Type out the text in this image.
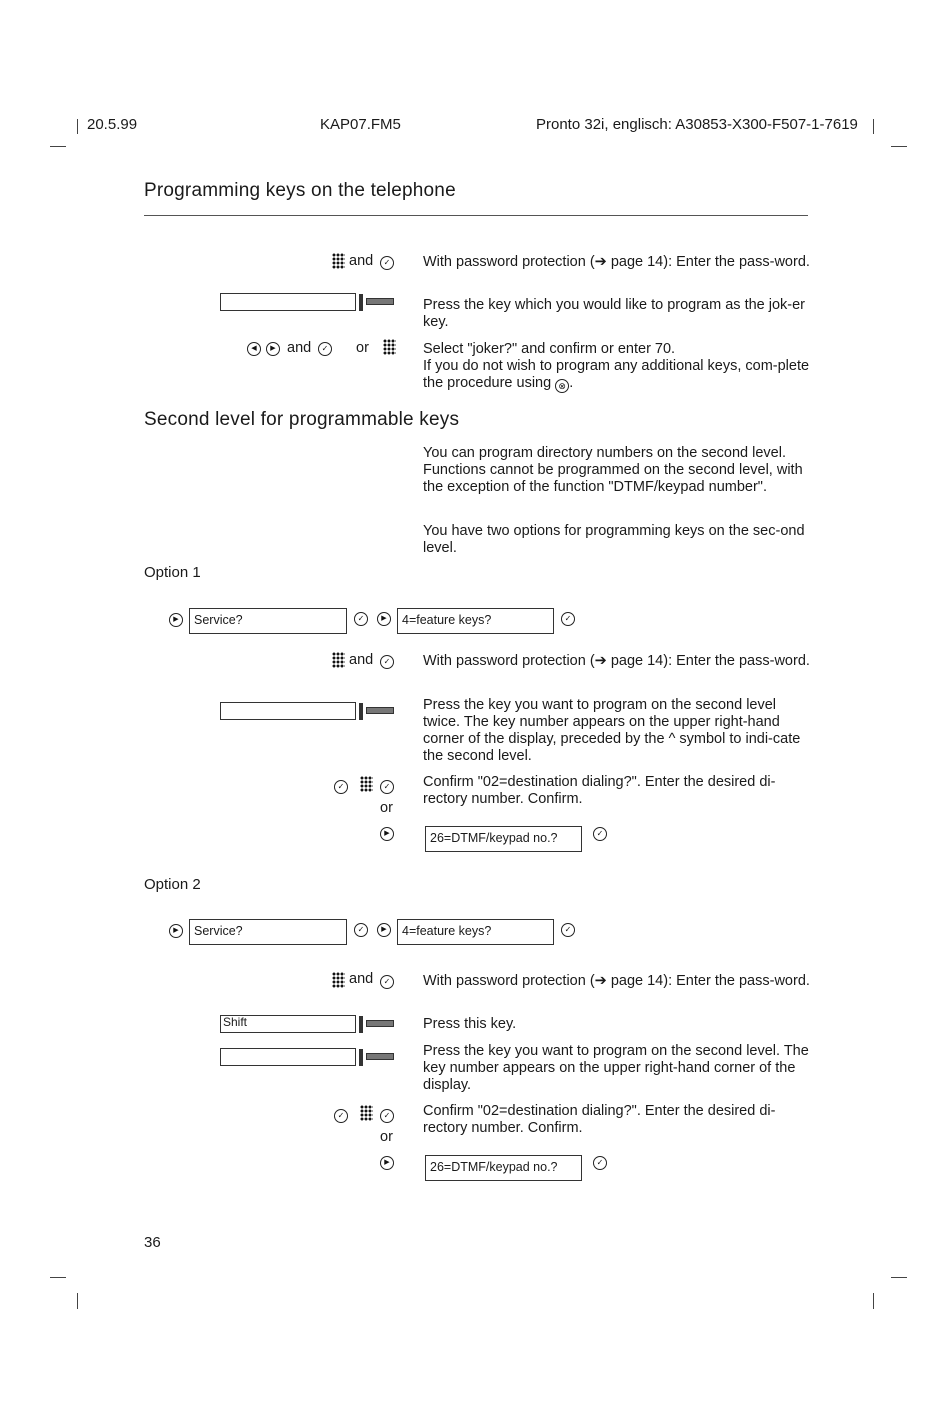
20.5.99	KAP07.FM5	Pronto 32i, englisch: A30853-X300-F507-1-7619
Programming keys on the telephone
and	✓ With password protection (➔ page 14): Enter the pass-word.

Press the key which you would like to program as the jok-er key.

◀	▶ and	✓ or	Select "joker?" and confirm or enter 70.

If you do not wish to program any additional keys, com-plete the procedure using ⊗ .

Second level for programmable keys

You can program directory numbers on the second level. Functions cannot be programmed on the second level, with the exception of the function "DTMF/keypad number".

You have two options for programming keys on the sec-ond level.

Option 1
▶	Service?	✓	▶	4=feature keys?	✓
and	✓ With password protection (➔ page 14): Enter the pass-word.

Press the key you want to program on the second level twice. The key number appears on the upper right-hand corner of the display, preceded by the ^ symbol to indi-cate the second level.

✓	✓ Confirm "02=destination dialing?". Enter the desired di-rectory number. Confirm.

or
▶	26=DTMF/keypad no.?	✓
Option 2
▶	Service?	✓	▶	4=feature keys?	✓
and	✓ With password protection (➔ page 14): Enter the pass-word.

Shift	Press this key.

Press the key you want to program on the second level. The key number appears on the upper right-hand corner of the display.

✓	✓ Confirm "02=destination dialing?". Enter the desired di-rectory number. Confirm.

or
▶	26=DTMF/keypad no.?	✓
36
